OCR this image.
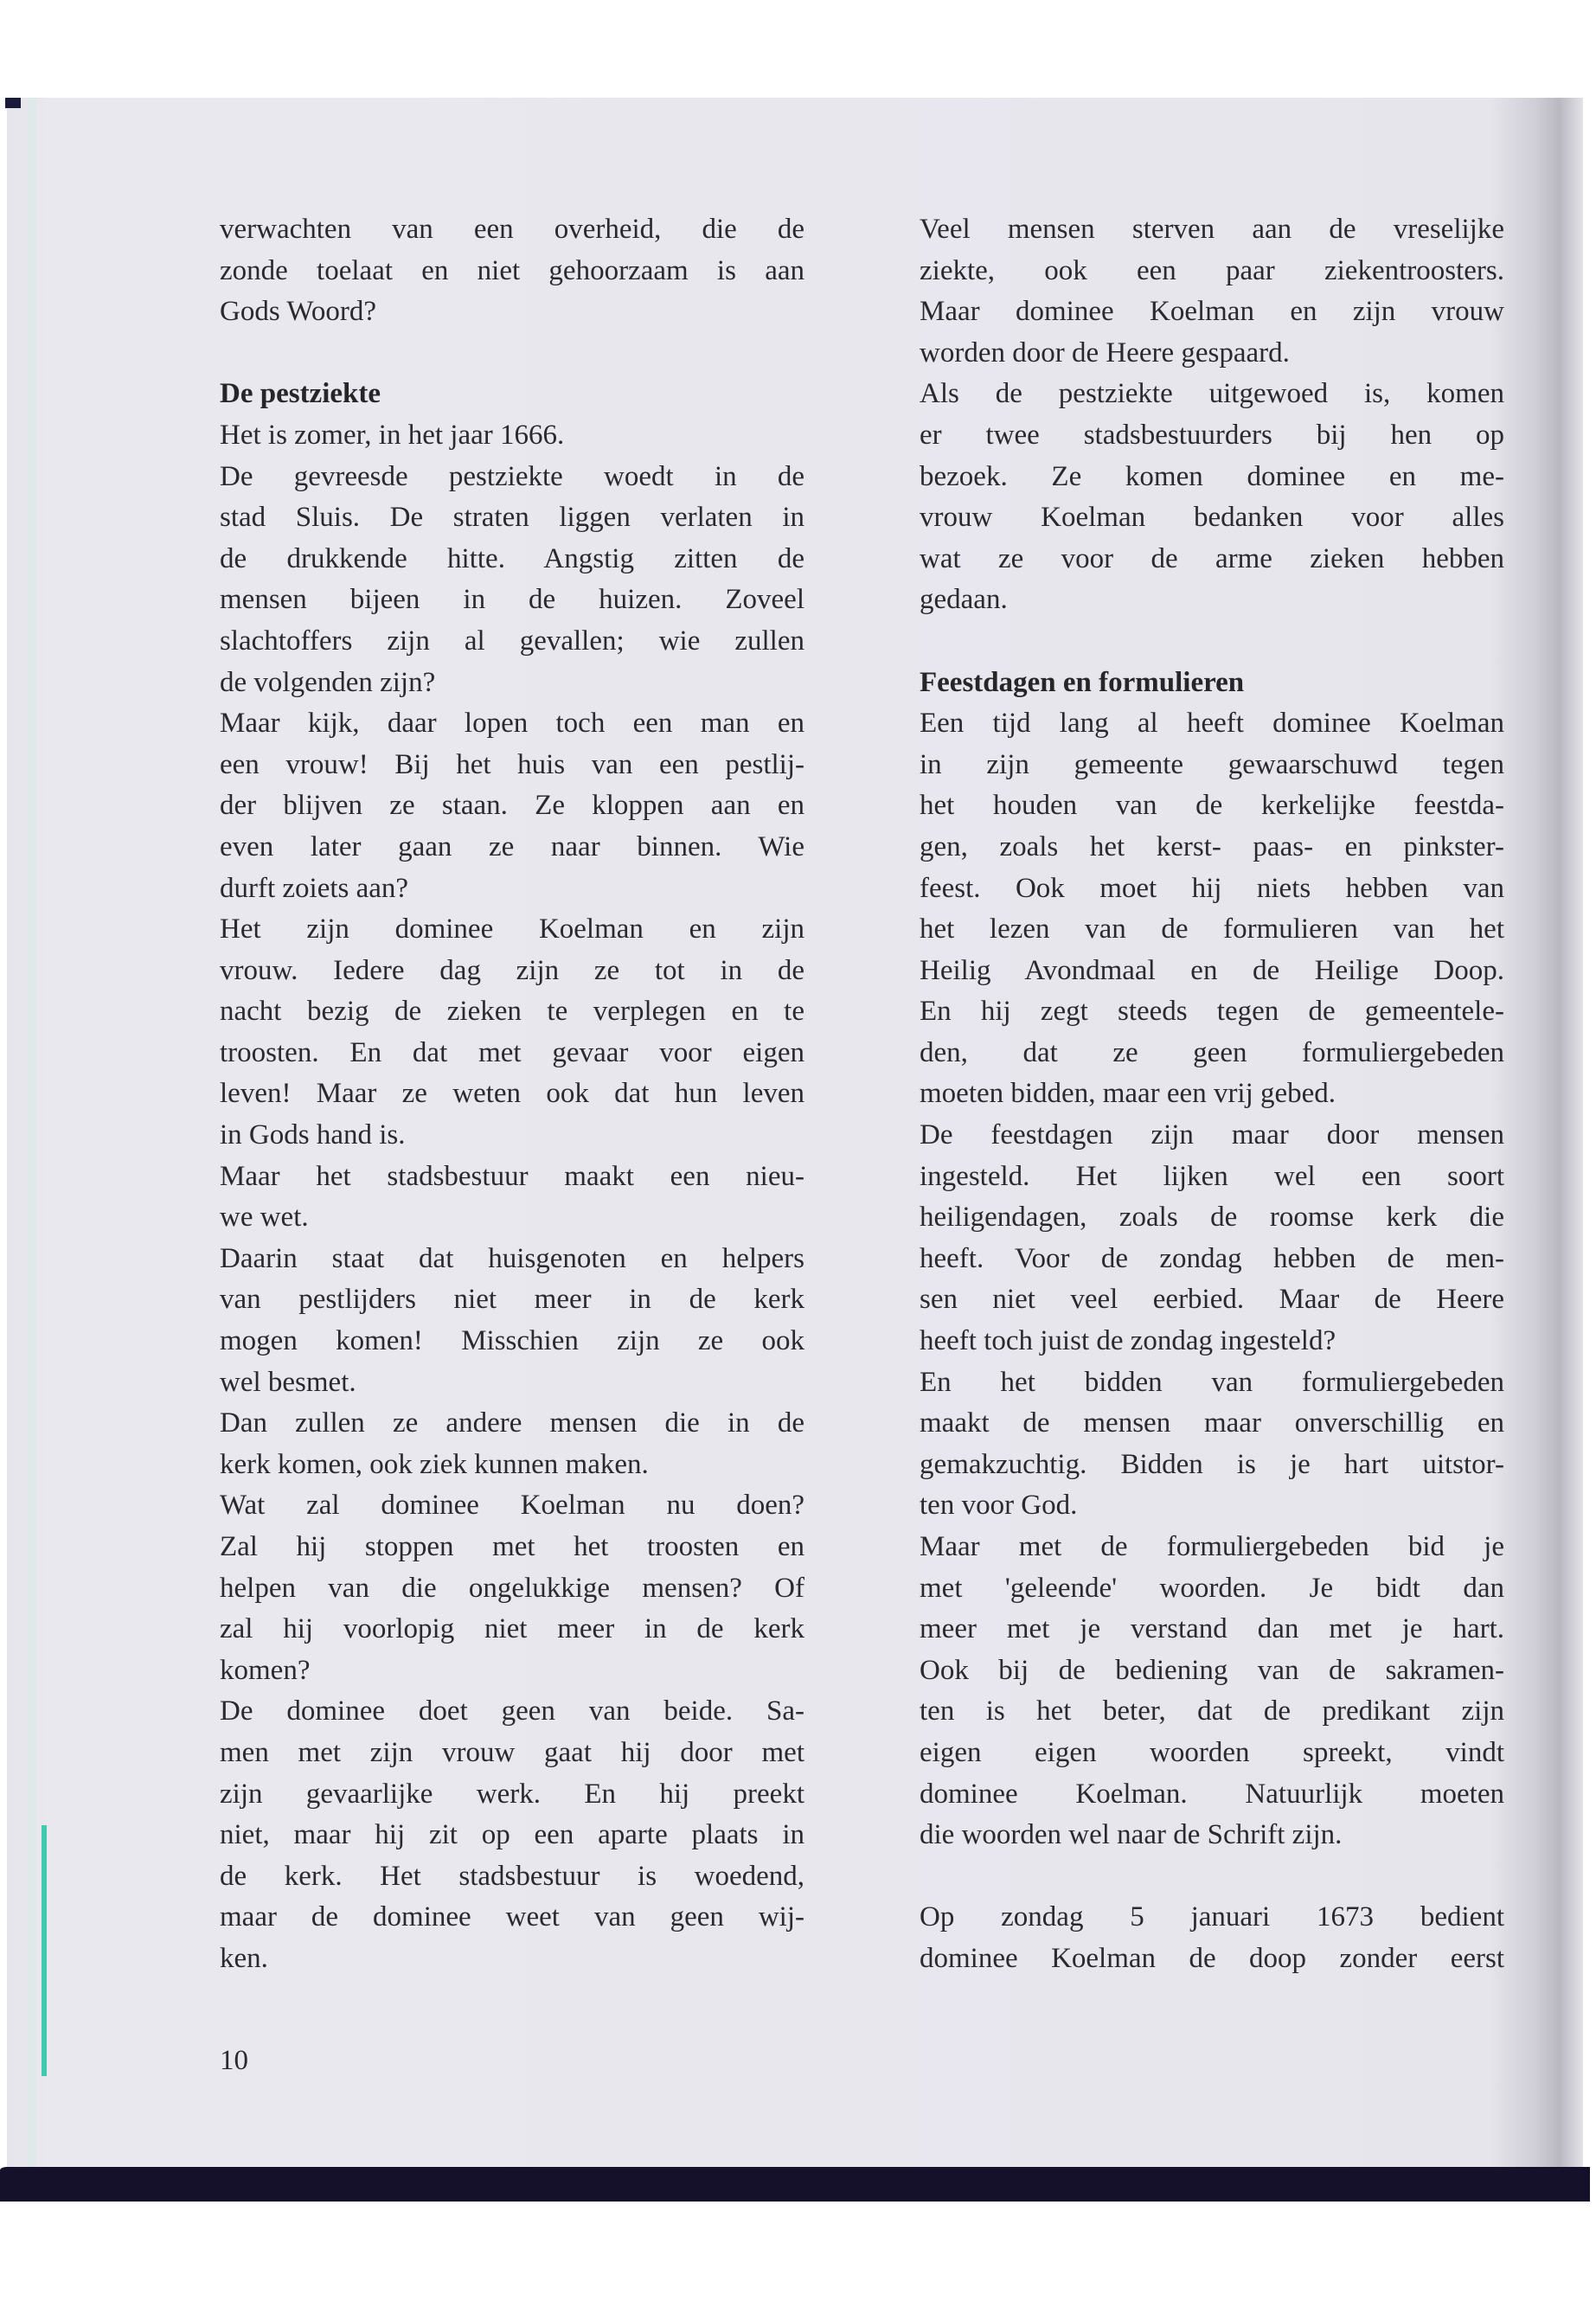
verwachten van een overheid, die de
zonde toelaat en niet gehoorzaam is aan
Gods Woord?
De pestziekte
Het is zomer, in het jaar 1666.
De gevreesde pestziekte woedt in de
stad Sluis. De straten liggen verlaten in
de drukkende hitte. Angstig zitten de
mensen bijeen in de huizen. Zoveel
slachtoffers zijn al gevallen; wie zullen
de volgenden zijn?
Maar kijk, daar lopen toch een man en
een vrouw! Bij het huis van een pestlij-
der blijven ze staan. Ze kloppen aan en
even later gaan ze naar binnen. Wie
durft zoiets aan?
Het zijn dominee Koelman en zijn
vrouw. Iedere dag zijn ze tot in de
nacht bezig de zieken te verplegen en te
troosten. En dat met gevaar voor eigen
leven! Maar ze weten ook dat hun leven
in Gods hand is.
Maar het stadsbestuur maakt een nieu-
we wet.
Daarin staat dat huisgenoten en helpers
van pestlijders niet meer in de kerk
mogen komen! Misschien zijn ze ook
wel besmet.
Dan zullen ze andere mensen die in de
kerk komen, ook ziek kunnen maken.
Wat zal dominee Koelman nu doen?
Zal hij stoppen met het troosten en
helpen van die ongelukkige mensen? Of
zal hij voorlopig niet meer in de kerk
komen?
De dominee doet geen van beide. Sa-
men met zijn vrouw gaat hij door met
zijn gevaarlijke werk. En hij preekt
niet, maar hij zit op een aparte plaats in
de kerk. Het stadsbestuur is woedend,
maar de dominee weet van geen wij-
ken.
Veel mensen sterven aan de vreselijke
ziekte, ook een paar ziekentroosters.
Maar dominee Koelman en zijn vrouw
worden door de Heere gespaard.
Als de pestziekte uitgewoed is, komen
er twee stadsbestuurders bij hen op
bezoek. Ze komen dominee en me-
vrouw Koelman bedanken voor alles
wat ze voor de arme zieken hebben
gedaan.
Feestdagen en formulieren
Een tijd lang al heeft dominee Koelman
in zijn gemeente gewaarschuwd tegen
het houden van de kerkelijke feestda-
gen, zoals het kerst- paas- en pinkster-
feest. Ook moet hij niets hebben van
het lezen van de formulieren van het
Heilig Avondmaal en de Heilige Doop.
En hij zegt steeds tegen de gemeentele-
den, dat ze geen formuliergebeden
moeten bidden, maar een vrij gebed.
De feestdagen zijn maar door mensen
ingesteld. Het lijken wel een soort
heiligendagen, zoals de roomse kerk die
heeft. Voor de zondag hebben de men-
sen niet veel eerbied. Maar de Heere
heeft toch juist de zondag ingesteld?
En het bidden van formuliergebeden
maakt de mensen maar onverschillig en
gemakzuchtig. Bidden is je hart uitstor-
ten voor God.
Maar met de formuliergebeden bid je
met 'geleende' woorden. Je bidt dan
meer met je verstand dan met je hart.
Ook bij de bediening van de sakramen-
ten is het beter, dat de predikant zijn
eigen eigen woorden spreekt, vindt
dominee Koelman. Natuurlijk moeten
die woorden wel naar de Schrift zijn.
Op zondag 5 januari 1673 bedient
dominee Koelman de doop zonder eerst
10
